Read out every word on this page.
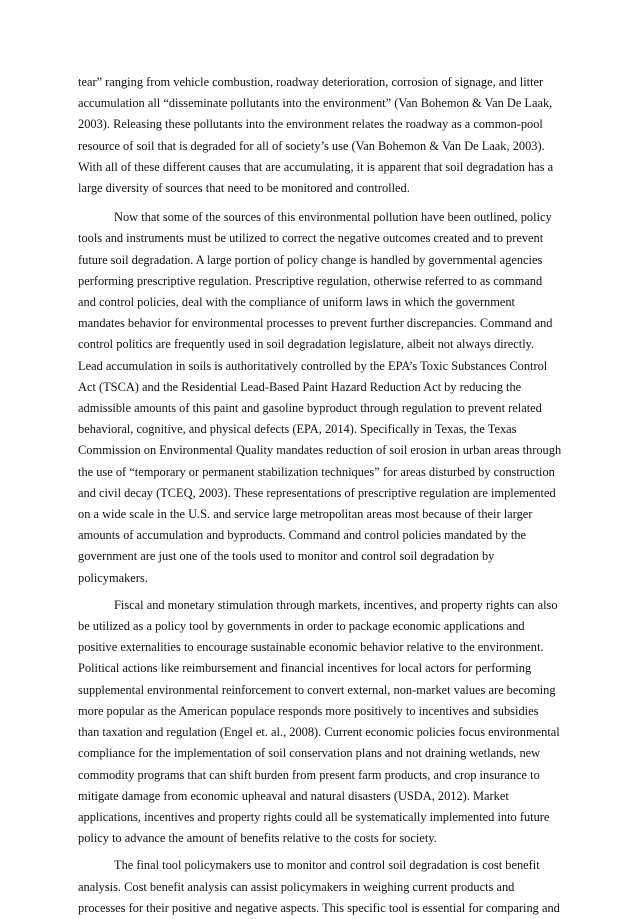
tear” ranging from vehicle combustion, roadway deterioration, corrosion of signage, and litter
accumulation all “disseminate pollutants into the environment” (Van Bohemon & Van De Laak,
2003). Releasing these pollutants into the environment relates the roadway as a common-pool
resource of soil that is degraded for all of society’s use (Van Bohemon & Van De Laak, 2003).
With all of these different causes that are accumulating, it is apparent that soil degradation has a
large diversity of sources that need to be monitored and controlled.

Now that some of the sources of this environmental pollution have been outlined, policy
tools and instruments must be utilized to correct the negative outcomes created and to prevent
future soil degradation. A large portion of policy change is handled by governmental agencies
performing prescriptive regulation. Prescriptive regulation, otherwise referred to as command
and control policies, deal with the compliance of uniform laws in which the government
mandates behavior for environmental processes to prevent further discrepancies. Command and
control politics are frequently used in soil degradation legislature, albeit not always directly.
Lead accumulation in soils is authoritatively controlled by the EPA’s Toxic Substances Control
Act (TSCA) and the Residential Lead-Based Paint Hazard Reduction Act by reducing the
admissible amounts of this paint and gasoline byproduct through regulation to prevent related
behavioral, cognitive, and physical defects (EPA, 2014). Specifically in Texas, the Texas
Commission on Environmental Quality mandates reduction of soil erosion in urban areas through
the use of “temporary or permanent stabilization techniques” for areas disturbed by construction
and civil decay (TCEQ, 2003). These representations of prescriptive regulation are implemented
on a wide scale in the U.S. and service large metropolitan areas most because of their larger
amounts of accumulation and byproducts. Command and control policies mandated by the
government are just one of the tools used to monitor and control soil degradation by
policymakers.

Fiscal and monetary stimulation through markets, incentives, and property rights can also
be utilized as a policy tool by governments in order to package economic applications and
positive externalities to encourage sustainable economic behavior relative to the environment.
Political actions like reimbursement and financial incentives for local actors for performing
supplemental environmental reinforcement to convert external, non-market values are becoming
more popular as the American populace responds more positively to incentives and subsidies
than taxation and regulation (Engel et. al., 2008). Current economic policies focus environmental
compliance for the implementation of soil conservation plans and not draining wetlands, new
commodity programs that can shift burden from present farm products, and crop insurance to
mitigate damage from economic upheaval and natural disasters (USDA, 2012). Market
applications, incentives and property rights could all be systematically implemented into future
policy to advance the amount of benefits relative to the costs for society.

The final tool policymakers use to monitor and control soil degradation is cost benefit
analysis. Cost benefit analysis can assist policymakers in weighing current products and
processes for their positive and negative aspects. This specific tool is essential for comparing and
